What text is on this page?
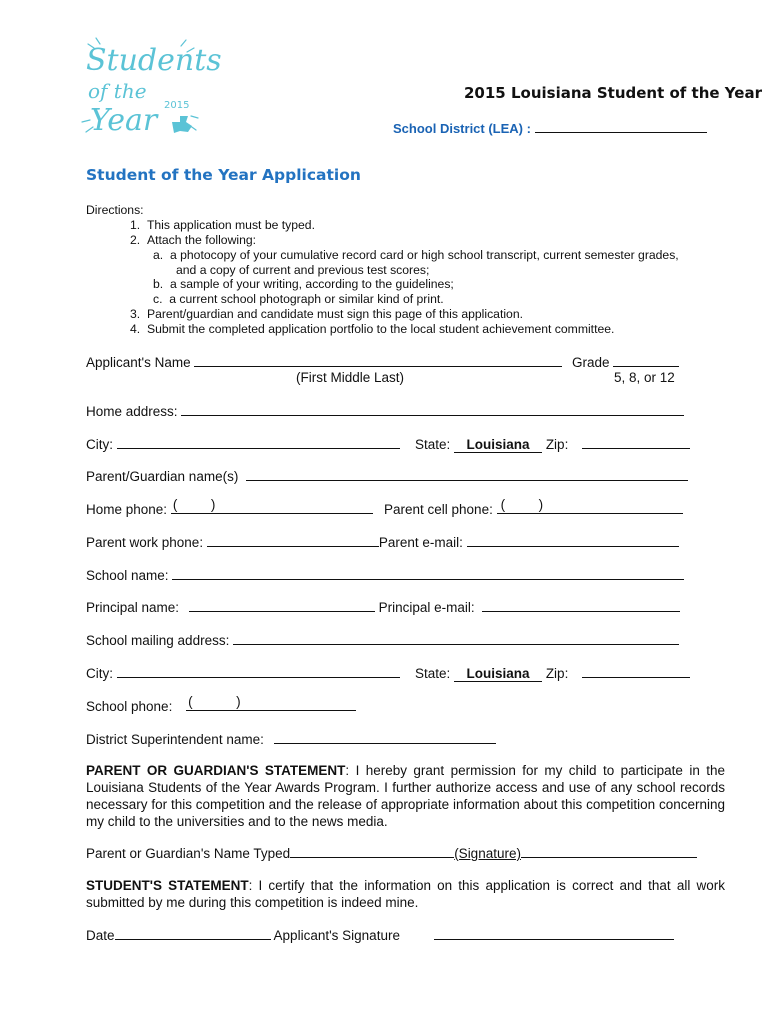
Students
of the
Year 2015
2015 Louisiana Student of the Year
School District (LEA) :
Student of the Year Application
Directions:
1. This application must be typed.
2. Attach the following:
a. a photocopy of your cumulative record card or high school transcript, current semester grades,
and a copy of current and previous test scores;
b. a sample of your writing, according to the guidelines;
c. a current school photograph or similar kind of print.
3. Parent/guardian and candidate must sign this page of this application.
4. Submit the completed application portfolio to the local student achievement committee.
Applicant's Name	Grade
(First Middle Last)	5, 8, or 12
Home address:
City:	State: Louisiana Zip:
Parent/Guardian name(s)
Home phone: ( )	Parent cell phone: ( )
Parent work phone:	Parent e-mail:
School name:
Principal name:	Principal e-mail:
School mailing address:
City:	State: Louisiana Zip:
School phone: (	)
District Superintendent name:
PARENT OR GUARDIAN'S STATEMENT: I hereby grant permission for my child to participate in the Louisiana Students of the Year Awards Program. I further authorize access and use of any school records necessary for this competition and the release of appropriate information about this competition concerning my child to the universities and to the news media.
Parent or Guardian's Name Typed	(Signature)
STUDENT'S STATEMENT: I certify that the information on this application is correct and that all work submitted by me during this competition is indeed mine.
Date	Applicant's Signature
